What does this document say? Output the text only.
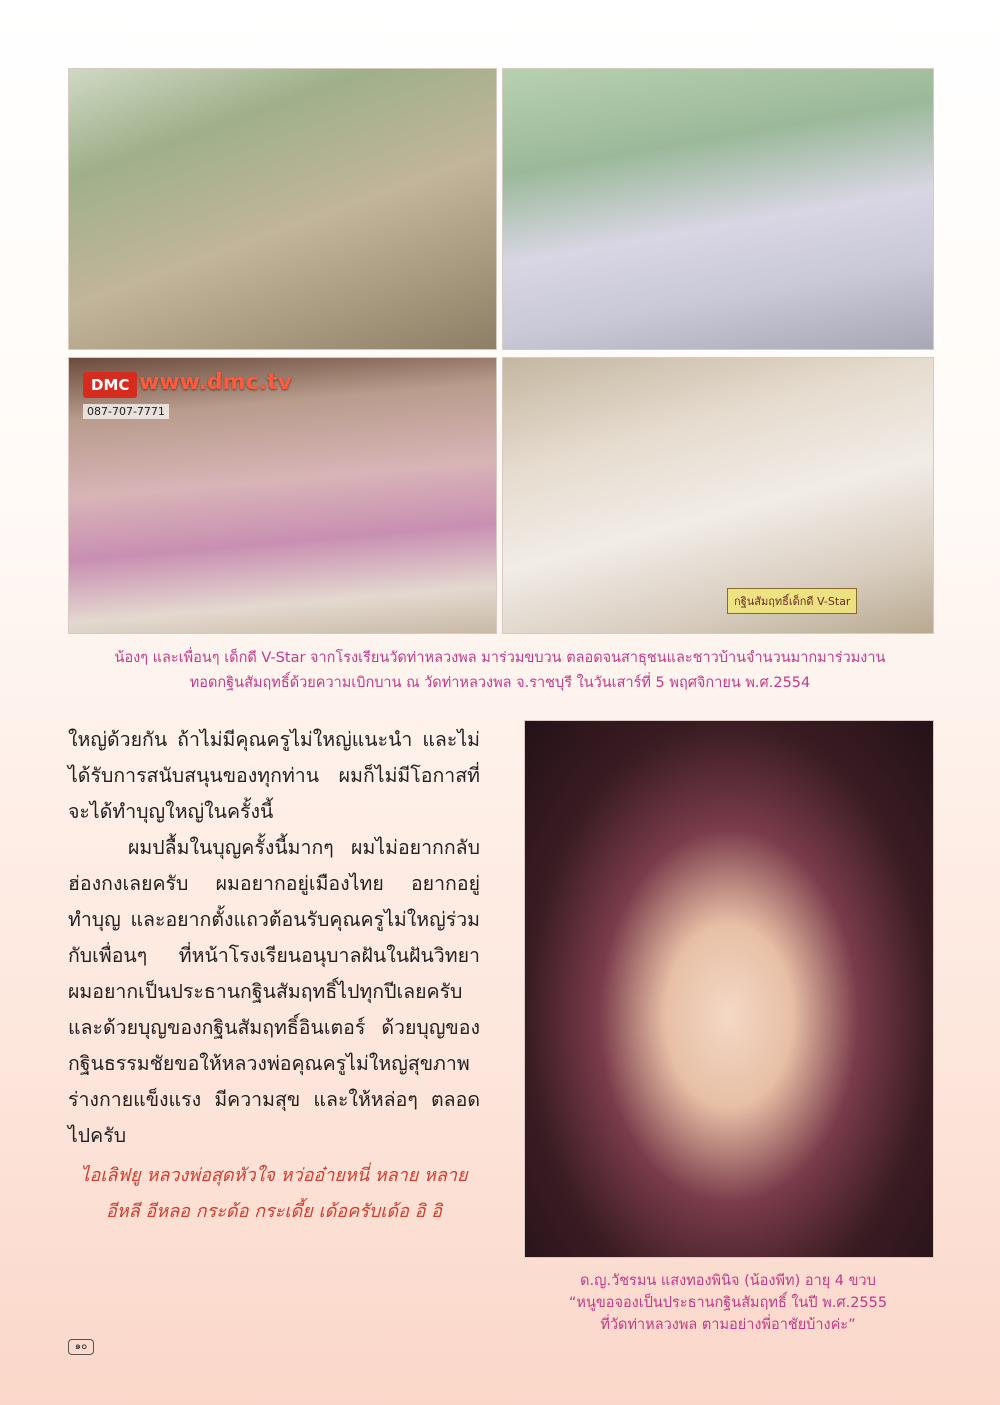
DMC www.dmc.tv
087-707-7771
กฐินสัมฤทธิ์เด็กดี V-Star
น้องๆ และเพื่อนๆ เด็กดี V-Star จากโรงเรียนวัดท่าหลวงพล มาร่วมขบวน ตลอดจนสาธุชนและชาวบ้านจำนวนมากมาร่วมงาน
ทอดกฐินสัมฤทธิ์ด้วยความเบิกบาน ณ วัดท่าหลวงพล จ.ราชบุรี ในวันเสาร์ที่ 5 พฤศจิกายน พ.ศ.2554

ใหญ่ด้วยกัน ถ้าไม่มีคุณครูไม่ใหญ่แนะนำ และไม่ได้รับการสนับสนุนของทุกท่าน ผมก็ไม่มีโอกาสที่จะได้ทำบุญใหญ่ในครั้งนี้

ผมปลื้มในบุญครั้งนี้มากๆ ผมไม่อยากกลับฮ่องกงเลยครับ ผมอยากอยู่เมืองไทย อยากอยู่ทำบุญ และอยากตั้งแถวต้อนรับคุณครูไม่ใหญ่ร่วมกับเพื่อนๆ ที่หน้าโรงเรียนอนุบาลฝันในฝันวิทยา ผมอยากเป็นประธานกฐินสัมฤทธิ์ไปทุกปีเลยครับ และด้วยบุญของกฐินสัมฤทธิ์อินเตอร์ ด้วยบุญของกฐินธรรมชัยขอให้หลวงพ่อคุณครูไม่ใหญ่สุขภาพร่างกายแข็งแรง มีความสุข และให้หล่อๆ ตลอดไปครับ

ไอเลิฟยู หลวงพ่อสุดหัวใจ หว่ออ๋ายหนี่ หลาย หลาย
อีหลี อีหลอ กระด้อ กระเดี้ย เด้อครับเด้อ อิ อิ
ด.ญ.วัชรมน แสงทองพินิจ (น้องพีท) อายุ 4 ขวบ
“หนูขอจองเป็นประธานกฐินสัมฤทธิ์ ในปี พ.ศ.2555
ที่วัดท่าหลวงพล ตามอย่างพี่อาชัยบ้างค่ะ”
๑๐
